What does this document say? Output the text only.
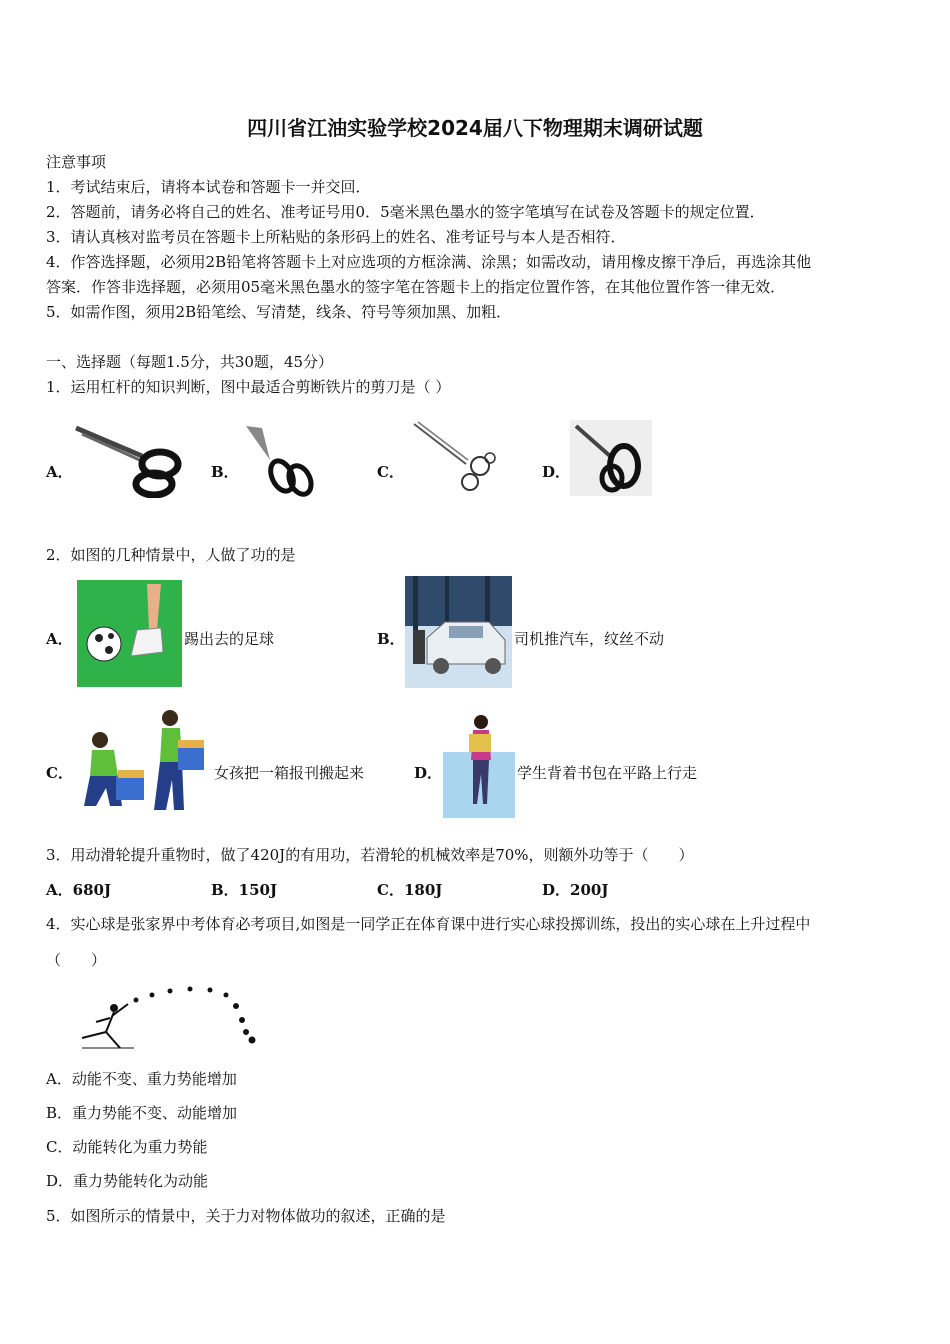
四川省江油实验学校2024届八下物理期末调研试题
注意事项
1．考试结束后，请将本试卷和答题卡一并交回．
2．答题前，请务必将自己的姓名、准考证号用0．5毫米黑色墨水的签字笔填写在试卷及答题卡的规定位置．
3．请认真核对监考员在答题卡上所粘贴的条形码上的姓名、准考证号与本人是否相符．
4．作答选择题，必须用2B铅笔将答题卡上对应选项的方框涂满、涂黑；如需改动，请用橡皮擦干净后，再选涂其他
答案．作答非选择题，必须用05毫米黑色墨水的签字笔在答题卡上的指定位置作答，在其他位置作答一律无效．
5．如需作图，须用2B铅笔绘、写清楚，线条、符号等须加黑、加粗．
一、选择题（每题1.5分，共30题，45分）
1．运用杠杆的知识判断，图中最适合剪断铁片的剪刀是（ ）
A．	B．	C．	D．
2．如图的几种情景中，人做了功的是
A．	踢出去的足球	B．	司机推汽车，纹丝不动
C．	女孩把一箱报刊搬起来	D．	学生背着书包在平路上行走
3．用动滑轮提升重物时，做了420J的有用功，若滑轮的机械效率是70%，则额外功等于（　　）
A．680J	B．150J	C．180J	D．200J
4．实心球是张家界中考体育必考项目,如图是一同学正在体育课中进行实心球投掷训练，投出的实心球在上升过程中
（　　）
A．动能不变、重力势能增加
B．重力势能不变、动能增加
C．动能转化为重力势能
D．重力势能转化为动能
5．如图所示的情景中，关于力对物体做功的叙述，正确的是
